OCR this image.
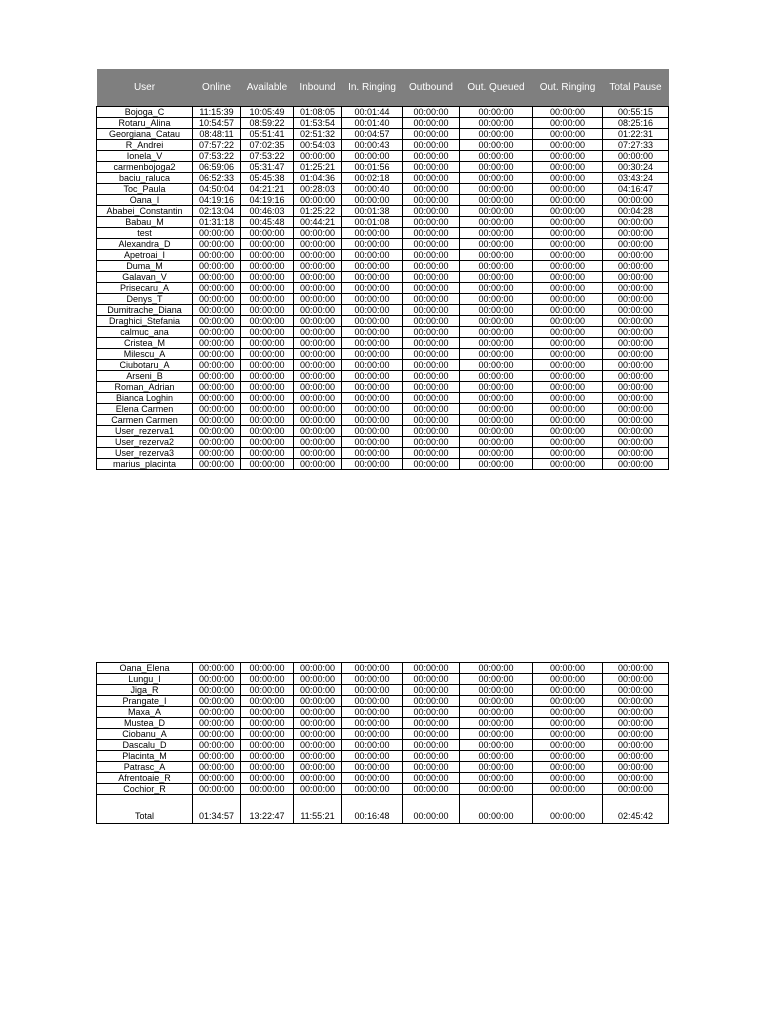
User	Online	Available	Inbound	In. Ringing	Outbound	Out. Queued	Out. Ringing	Total Pause
Bojoga_C	11:15:39	10:05:49	01:08:05	00:01:44	00:00:00	00:00:00	00:00:00	00:55:15
Rotaru_Alina	10:54:57	08:59:22	01:53:54	00:01:40	00:00:00	00:00:00	00:00:00	08:25:16
Georgiana_Catau	08:48:11	05:51:41	02:51:32	00:04:57	00:00:00	00:00:00	00:00:00	01:22:31
R_Andrei	07:57:22	07:02:35	00:54:03	00:00:43	00:00:00	00:00:00	00:00:00	07:27:33
Ionela_V	07:53:22	07:53:22	00:00:00	00:00:00	00:00:00	00:00:00	00:00:00	00:00:00
carmenbojoga2	06:59:06	05:31:47	01:25:21	00:01:56	00:00:00	00:00:00	00:00:00	00:30:24
baciu_raluca	06:52:33	05:45:38	01:04:36	00:02:18	00:00:00	00:00:00	00:00:00	03:43:24
Toc_Paula	04:50:04	04:21:21	00:28:03	00:00:40	00:00:00	00:00:00	00:00:00	04:16:47
Oana_I	04:19:16	04:19:16	00:00:00	00:00:00	00:00:00	00:00:00	00:00:00	00:00:00
Ababei_Constantin	02:13:04	00:46:03	01:25:22	00:01:38	00:00:00	00:00:00	00:00:00	00:04:28
Babau_M	01:31:18	00:45:48	00:44:21	00:01:08	00:00:00	00:00:00	00:00:00	00:00:00
test	00:00:00	00:00:00	00:00:00	00:00:00	00:00:00	00:00:00	00:00:00	00:00:00
Alexandra_D	00:00:00	00:00:00	00:00:00	00:00:00	00:00:00	00:00:00	00:00:00	00:00:00
Apetroai_I	00:00:00	00:00:00	00:00:00	00:00:00	00:00:00	00:00:00	00:00:00	00:00:00
Duma_M	00:00:00	00:00:00	00:00:00	00:00:00	00:00:00	00:00:00	00:00:00	00:00:00
Galavan_V	00:00:00	00:00:00	00:00:00	00:00:00	00:00:00	00:00:00	00:00:00	00:00:00
Prisecaru_A	00:00:00	00:00:00	00:00:00	00:00:00	00:00:00	00:00:00	00:00:00	00:00:00
Denys_T	00:00:00	00:00:00	00:00:00	00:00:00	00:00:00	00:00:00	00:00:00	00:00:00
Dumitrache_Diana	00:00:00	00:00:00	00:00:00	00:00:00	00:00:00	00:00:00	00:00:00	00:00:00
Draghici_Stefania	00:00:00	00:00:00	00:00:00	00:00:00	00:00:00	00:00:00	00:00:00	00:00:00
calmuc_ana	00:00:00	00:00:00	00:00:00	00:00:00	00:00:00	00:00:00	00:00:00	00:00:00
Cristea_M	00:00:00	00:00:00	00:00:00	00:00:00	00:00:00	00:00:00	00:00:00	00:00:00
Milescu_A	00:00:00	00:00:00	00:00:00	00:00:00	00:00:00	00:00:00	00:00:00	00:00:00
Ciubotaru_A	00:00:00	00:00:00	00:00:00	00:00:00	00:00:00	00:00:00	00:00:00	00:00:00
Arseni_B	00:00:00	00:00:00	00:00:00	00:00:00	00:00:00	00:00:00	00:00:00	00:00:00
Roman_Adrian	00:00:00	00:00:00	00:00:00	00:00:00	00:00:00	00:00:00	00:00:00	00:00:00
Bianca Loghin	00:00:00	00:00:00	00:00:00	00:00:00	00:00:00	00:00:00	00:00:00	00:00:00
Elena Carmen	00:00:00	00:00:00	00:00:00	00:00:00	00:00:00	00:00:00	00:00:00	00:00:00
Carmen Carmen	00:00:00	00:00:00	00:00:00	00:00:00	00:00:00	00:00:00	00:00:00	00:00:00
User_rezerva1	00:00:00	00:00:00	00:00:00	00:00:00	00:00:00	00:00:00	00:00:00	00:00:00
User_rezerva2	00:00:00	00:00:00	00:00:00	00:00:00	00:00:00	00:00:00	00:00:00	00:00:00
User_rezerva3	00:00:00	00:00:00	00:00:00	00:00:00	00:00:00	00:00:00	00:00:00	00:00:00
marius_placinta	00:00:00	00:00:00	00:00:00	00:00:00	00:00:00	00:00:00	00:00:00	00:00:00
Oana_Elena	00:00:00	00:00:00	00:00:00	00:00:00	00:00:00	00:00:00	00:00:00	00:00:00
Lungu_I	00:00:00	00:00:00	00:00:00	00:00:00	00:00:00	00:00:00	00:00:00	00:00:00
Jiga_R	00:00:00	00:00:00	00:00:00	00:00:00	00:00:00	00:00:00	00:00:00	00:00:00
Prangate_I	00:00:00	00:00:00	00:00:00	00:00:00	00:00:00	00:00:00	00:00:00	00:00:00
Maxa_A	00:00:00	00:00:00	00:00:00	00:00:00	00:00:00	00:00:00	00:00:00	00:00:00
Mustea_D	00:00:00	00:00:00	00:00:00	00:00:00	00:00:00	00:00:00	00:00:00	00:00:00
Ciobanu_A	00:00:00	00:00:00	00:00:00	00:00:00	00:00:00	00:00:00	00:00:00	00:00:00
Dascalu_D	00:00:00	00:00:00	00:00:00	00:00:00	00:00:00	00:00:00	00:00:00	00:00:00
Placinta_M	00:00:00	00:00:00	00:00:00	00:00:00	00:00:00	00:00:00	00:00:00	00:00:00
Patrasc_A	00:00:00	00:00:00	00:00:00	00:00:00	00:00:00	00:00:00	00:00:00	00:00:00
Afrentoaie_R	00:00:00	00:00:00	00:00:00	00:00:00	00:00:00	00:00:00	00:00:00	00:00:00
Cochior_R	00:00:00	00:00:00	00:00:00	00:00:00	00:00:00	00:00:00	00:00:00	00:00:00
Total	01:34:57	13:22:47	11:55:21	00:16:48	00:00:00	00:00:00	00:00:00	02:45:42
